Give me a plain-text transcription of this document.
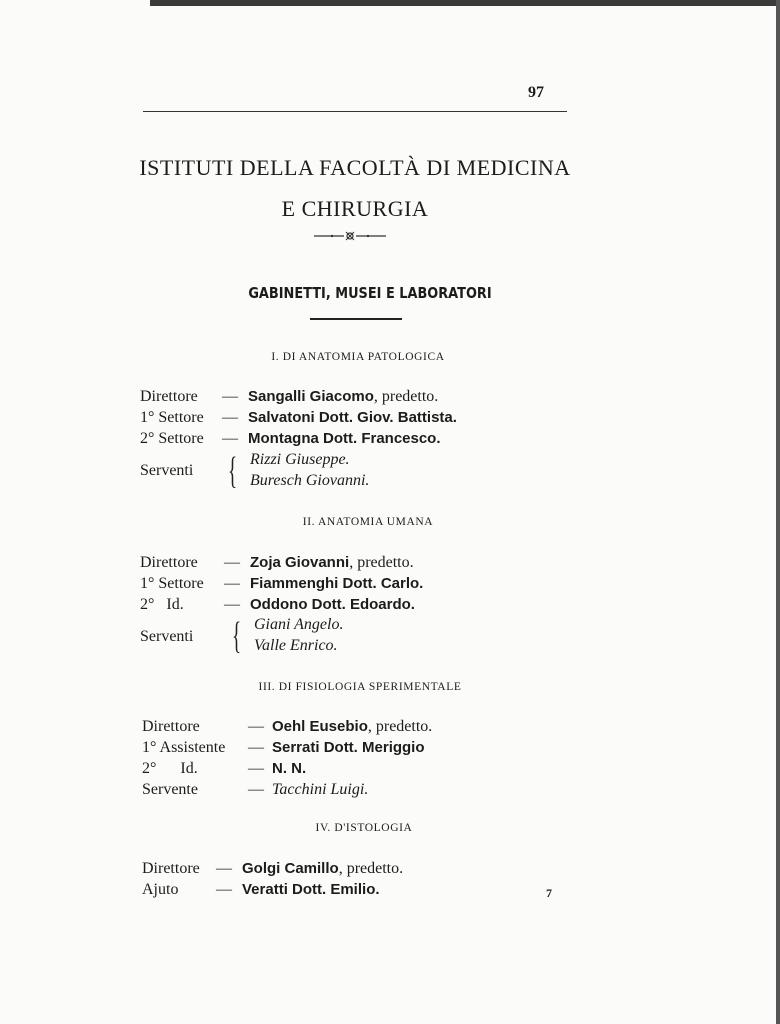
97
ISTITUTI DELLA FACOLTÀ DI MEDICINA
E CHIRURGIA
GABINETTI, MUSEI E LABORATORI
I. DI ANATOMIA PATOLOGICA
Direttore — Sangalli Giacomo, predetto.
1° Settore — Salvatoni Dott. Giov. Battista.
2° Settore — Montagna Dott. Francesco.
Serventi { Rizzi Giuseppe.
Buresch Giovanni.
II. ANATOMIA UMANA
Direttore — Zoja Giovanni, predetto.
1° Settore — Fiammenghi Dott. Carlo.
2°   Id.	— Oddono Dott. Edoardo.
Serventi { Giani Angelo.
Valle Enrico.
III. DI FISIOLOGIA SPERIMENTALE
Direttore	— Oehl Eusebio, predetto.
1° Assistente — Serrati Dott. Meriggio
2°      Id.	— N. N.
Servente	— Tacchini Luigi.
IV. D'ISTOLOGIA
Direttore — Golgi Camillo, predetto.
Ajuto — Veratti Dott. Emilio.	7
